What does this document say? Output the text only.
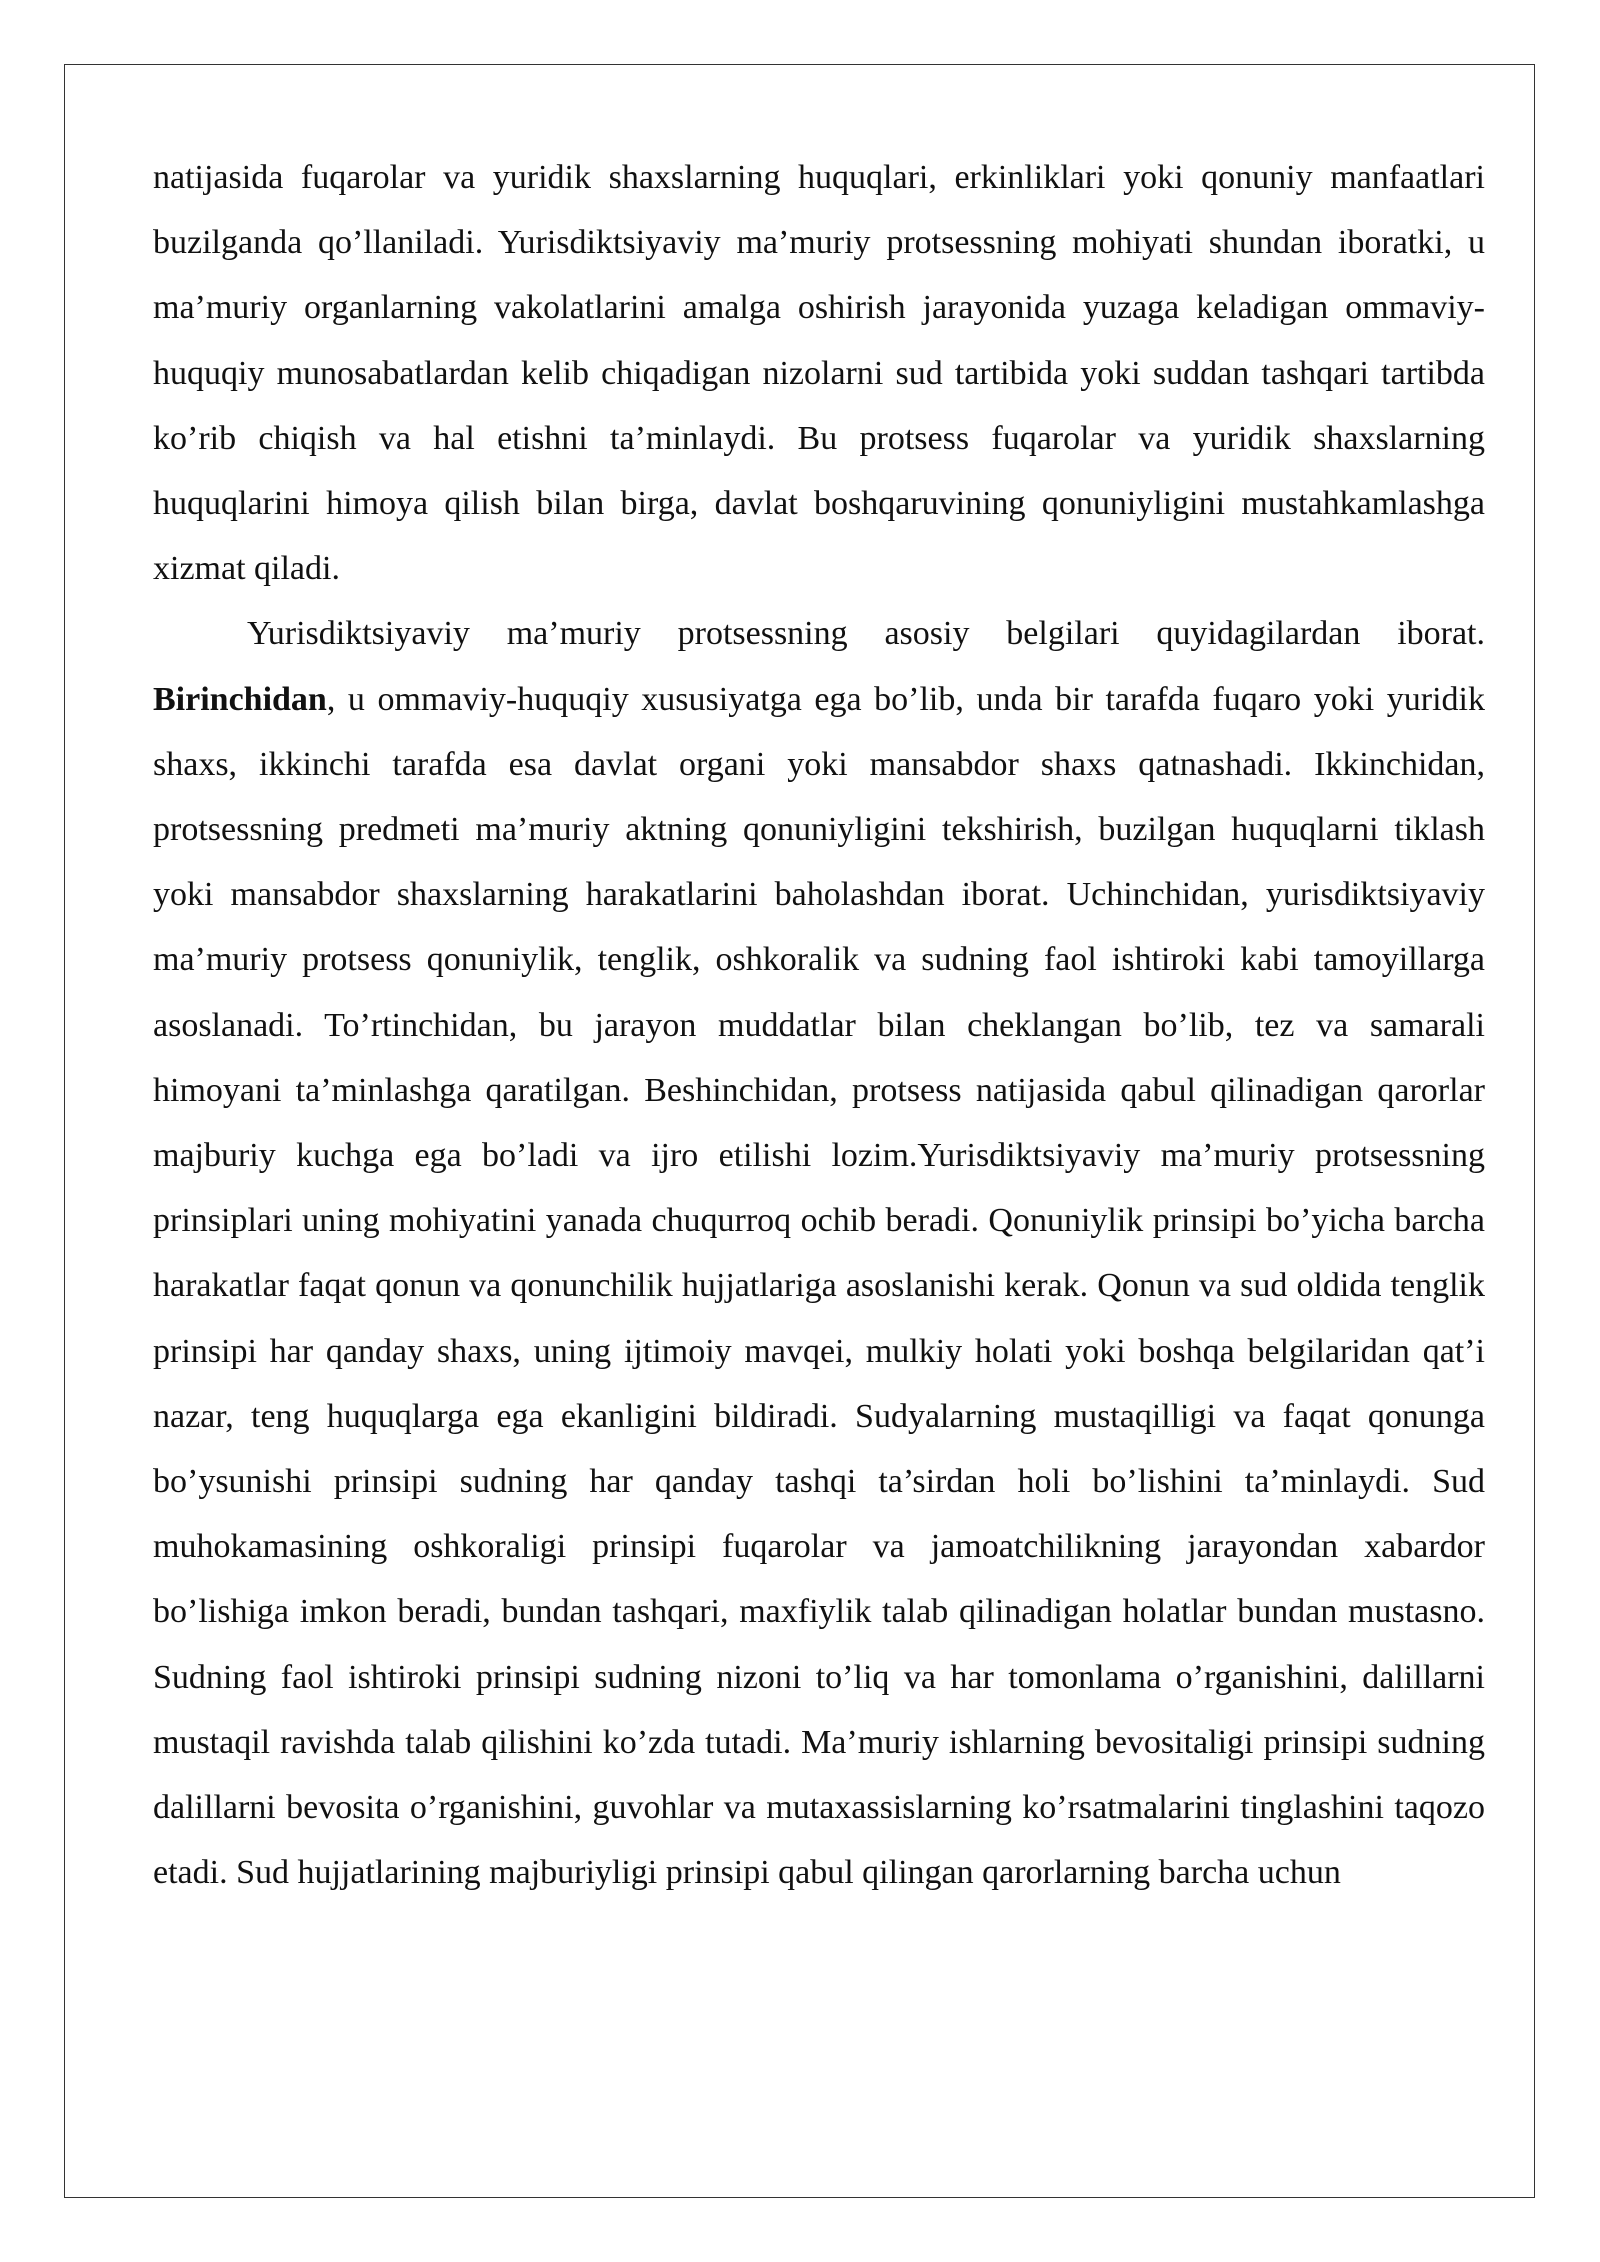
natijasida fuqarolar va yuridik shaxslarning huquqlari, erkinliklari yoki qonuniy manfaatlari buzilganda qo’llaniladi. Yurisdiktsiyaviy ma’muriy protsessning mohiyati shundan iboratki, u ma’muriy organlarning vakolatlarini amalga oshirish jarayonida yuzaga keladigan ommaviy-huquqiy munosabatlardan kelib chiqadigan nizolarni sud tartibida yoki suddan tashqari tartibda ko’rib chiqish va hal etishni ta’minlaydi. Bu protsess fuqarolar va yuridik shaxslarning huquqlarini himoya qilish bilan birga, davlat boshqaruvining qonuniyligini mustahkamlashga xizmat qiladi.

Yurisdiktsiyaviy ma’muriy protsessning asosiy belgilari quyidagilardan iborat. Birinchidan, u ommaviy-huquqiy xususiyatga ega bo’lib, unda bir tarafda fuqaro yoki yuridik shaxs, ikkinchi tarafda esa davlat organi yoki mansabdor shaxs qatnashadi. Ikkinchidan, protsessning predmeti ma’muriy aktning qonuniyligini tekshirish, buzilgan huquqlarni tiklash yoki mansabdor shaxslarning harakatlarini baholashdan iborat. Uchinchidan, yurisdiktsiyaviy ma’muriy protsess qonuniylik, tenglik, oshkoralik va sudning faol ishtiroki kabi tamoyillarga asoslanadi. To’rtinchidan, bu jarayon muddatlar bilan cheklangan bo’lib, tez va samarali himoyani ta’minlashga qaratilgan. Beshinchidan, protsess natijasida qabul qilinadigan qarorlar majburiy kuchga ega bo’ladi va ijro etilishi lozim.Yurisdiktsiyaviy ma’muriy protsessning prinsiplari uning mohiyatini yanada chuqurroq ochib beradi. Qonuniylik prinsipi bo’yicha barcha harakatlar faqat qonun va qonunchilik hujjatlariga asoslanishi kerak. Qonun va sud oldida tenglik prinsipi har qanday shaxs, uning ijtimoiy mavqei, mulkiy holati yoki boshqa belgilaridan qat’i nazar, teng huquqlarga ega ekanligini bildiradi. Sudyalarning mustaqilligi va faqat qonunga bo’ysunishi prinsipi sudning har qanday tashqi ta’sirdan holi bo’lishini ta’minlaydi. Sud muhokamasining oshkoraligi prinsipi fuqarolar va jamoatchilikning jarayondan xabardor bo’lishiga imkon beradi, bundan tashqari, maxfiylik talab qilinadigan holatlar bundan mustasno. Sudning faol ishtiroki prinsipi sudning nizoni to’liq va har tomonlama o’rganishini, dalillarni mustaqil ravishda talab qilishini ko’zda tutadi. Ma’muriy ishlarning bevositaligi prinsipi sudning dalillarni bevosita o’rganishini, guvohlar va mutaxassislarning ko’rsatmalarini tinglashini taqozo etadi. Sud hujjatlarining majburiyligi prinsipi qabul qilingan qarorlarning barcha uchun
